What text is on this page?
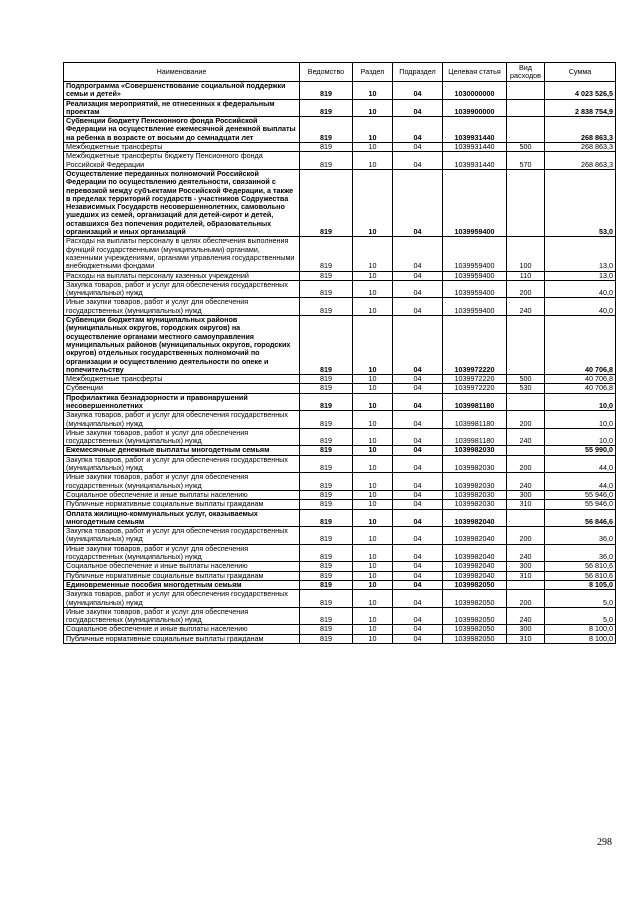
Наименование	Ведомство	Раздел	Подраздел	Целевая статья	Вид расходов	Сумма
Подпрограмма «Совершенствование социальной поддержки семьи и детей»	819	10	04	1030000000		4 023 526,5
Реализация мероприятий, не отнесенных к федеральным проектам	819	10	04	1039900000		2 838 754,9
Субвенции бюджету Пенсионного фонда Российской Федерации на осуществление ежемесячной денежной выплаты на ребенка в возрасте от восьми до семнадцати лет	819	10	04	1039931440		268 863,3
Межбюджетные трансферты	819	10	04	1039931440	500	268 863,3
Межбюджетные трансферты бюджету Пенсионного фонда Российской Федерации	819	10	04	1039931440	570	268 863,3
Осуществление переданных полномочий Российской Федерации по осуществлению деятельности, связанной с перевозкой между субъектами Российской Федерации, а также в пределах территорий государств - участников Содружества Независимых Государств несовершеннолетних, самовольно ушедших из семей, организаций для детей-сирот и детей, оставшихся без попечения родителей, образовательных организаций и иных организаций	819	10	04	1039959400		53,0
Расходы на выплаты персоналу в целях обеспечения выполнения функций государственными (муниципальными) органами, казенными учреждениями, органами управления государственными внебюджетными фондами	819	10	04	1039959400	100	13,0
Расходы на выплаты персоналу казенных учреждений	819	10	04	1039959400	110	13,0
Закупка товаров, работ и услуг для обеспечения государственных (муниципальных) нужд	819	10	04	1039959400	200	40,0
Иные закупки товаров, работ и услуг для обеспечения государственных (муниципальных) нужд	819	10	04	1039959400	240	40,0
Субвенции бюджетам муниципальных районов (муниципальных округов, городских округов) на осуществление органами местного самоуправления муниципальных районов (муниципальных округов, городских округов) отдельных государственных полномочий по организации и осуществлению деятельности по опеке и попечительству	819	10	04	1039972220		40 706,8
Межбюджетные трансферты	819	10	04	1039972220	500	40 706,8
Субвенции	819	10	04	1039972220	530	40 706,8
Профилактика безнадзорности и правонарушений несовершеннолетних	819	10	04	1039981180		10,0
Закупка товаров, работ и услуг для обеспечения государственных (муниципальных) нужд	819	10	04	1039981180	200	10,0
Иные закупки товаров, работ и услуг для обеспечения государственных (муниципальных) нужд	819	10	04	1039981180	240	10,0
Ежемесячные денежные выплаты многодетным семьям	819	10	04	1039982030		55 990,0
Закупка товаров, работ и услуг для обеспечения государственных (муниципальных) нужд	819	10	04	1039982030	200	44,0
Иные закупки товаров, работ и услуг для обеспечения государственных (муниципальных) нужд	819	10	04	1039982030	240	44,0
Социальное обеспечение и иные выплаты населению	819	10	04	1039982030	300	55 946,0
Публичные нормативные социальные выплаты гражданам	819	10	04	1039982030	310	55 946,0
Оплата жилищно-коммунальных услуг, оказываемых многодетным семьям	819	10	04	1039982040		56 846,6
Закупка товаров, работ и услуг для обеспечения государственных (муниципальных) нужд	819	10	04	1039982040	200	36,0
Иные закупки товаров, работ и услуг для обеспечения государственных (муниципальных) нужд	819	10	04	1039982040	240	36,0
Социальное обеспечение и иные выплаты населению	819	10	04	1039982040	300	56 810,6
Публичные нормативные социальные выплаты гражданам	819	10	04	1039982040	310	56 810,6
Единовременные пособия многодетным семьям	819	10	04	1039982050		8 105,0
Закупка товаров, работ и услуг для обеспечения государственных (муниципальных) нужд	819	10	04	1039982050	200	5,0
Иные закупки товаров, работ и услуг для обеспечения государственных (муниципальных) нужд	819	10	04	1039982050	240	5,0
Социальное обеспечение и иные выплаты населению	819	10	04	1039982050	300	8 100,0
Публичные нормативные социальные выплаты гражданам	819	10	04	1039982050	310	8 100,0
298
